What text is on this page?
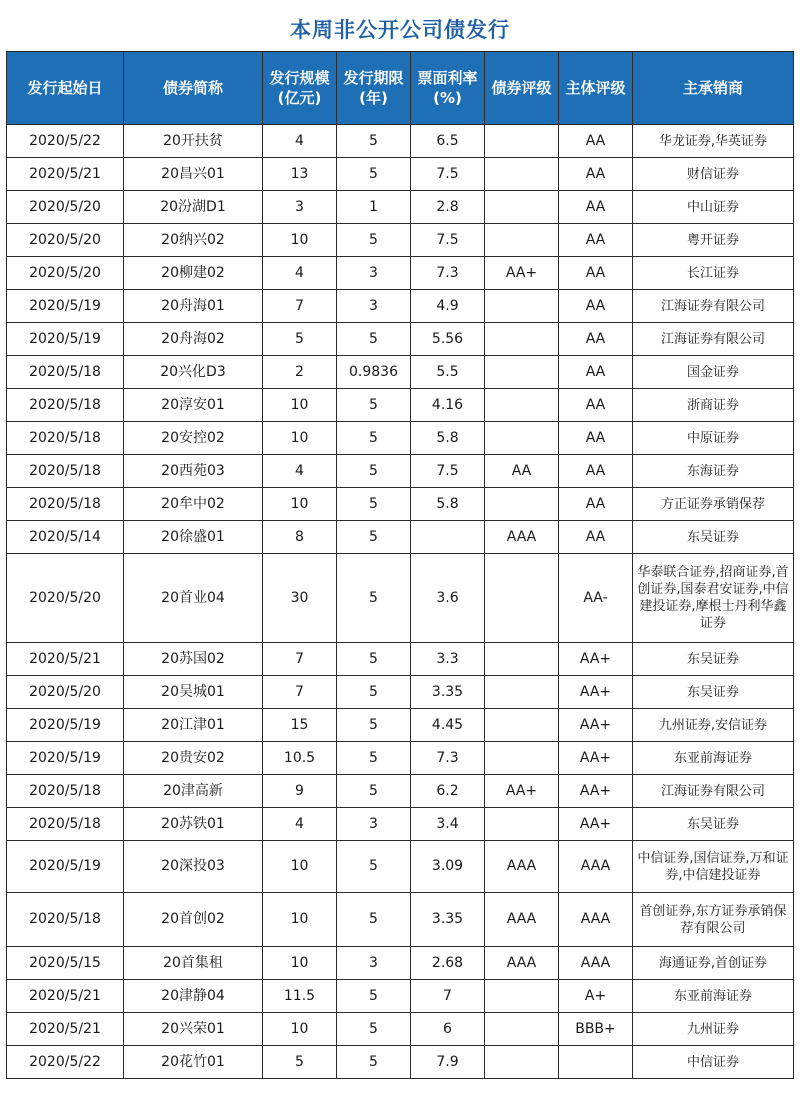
本周非公开公司债发行
发行起始日	债券简称	发行规模(亿元)	发行期限(年)	票面利率(%)	债券评级	主体评级	主承销商
2020/5/22	20开扶贫	4	5	6.5		AA	华龙证券,华英证券
2020/5/21	20昌兴01	13	5	7.5		AA	财信证券
2020/5/20	20汾湖D1	3	1	2.8		AA	中山证券
2020/5/20	20纳兴02	10	5	7.5		AA	粤开证券
2020/5/20	20柳建02	4	3	7.3	AA+	AA	长江证券
2020/5/19	20舟海01	7	3	4.9		AA	江海证券有限公司
2020/5/19	20舟海02	5	5	5.56		AA	江海证券有限公司
2020/5/18	20兴化D3	2	0.9836	5.5		AA	国金证券
2020/5/18	20淳安01	10	5	4.16		AA	浙商证券
2020/5/18	20安控02	10	5	5.8		AA	中原证券
2020/5/18	20西苑03	4	5	7.5	AA	AA	东海证券
2020/5/18	20牟中02	10	5	5.8		AA	方正证券承销保荐
2020/5/14	20徐盛01	8	5		AAA	AA	东吴证券
2020/5/20	20首业04	30	5	3.6		AA-	华泰联合证券,招商证券,首创证券,国泰君安证券,中信建投证券,摩根士丹利华鑫证券
2020/5/21	20苏国02	7	5	3.3		AA+	东吴证券
2020/5/20	20吴城01	7	5	3.35		AA+	东吴证券
2020/5/19	20江津01	15	5	4.45		AA+	九州证券,安信证券
2020/5/19	20贵安02	10.5	5	7.3		AA+	东亚前海证券
2020/5/18	20津高新	9	5	6.2	AA+	AA+	江海证券有限公司
2020/5/18	20苏铁01	4	3	3.4		AA+	东吴证券
2020/5/19	20深投03	10	5	3.09	AAA	AAA	中信证券,国信证券,万和证券,中信建投证券
2020/5/18	20首创02	10	5	3.35	AAA	AAA	首创证券,东方证券承销保荐有限公司
2020/5/15	20首集租	10	3	2.68	AAA	AAA	海通证券,首创证券
2020/5/21	20津静04	11.5	5	7		A+	东亚前海证券
2020/5/21	20兴荣01	10	5	6		BBB+	九州证券
2020/5/22	20花竹01	5	5	7.9			中信证券
